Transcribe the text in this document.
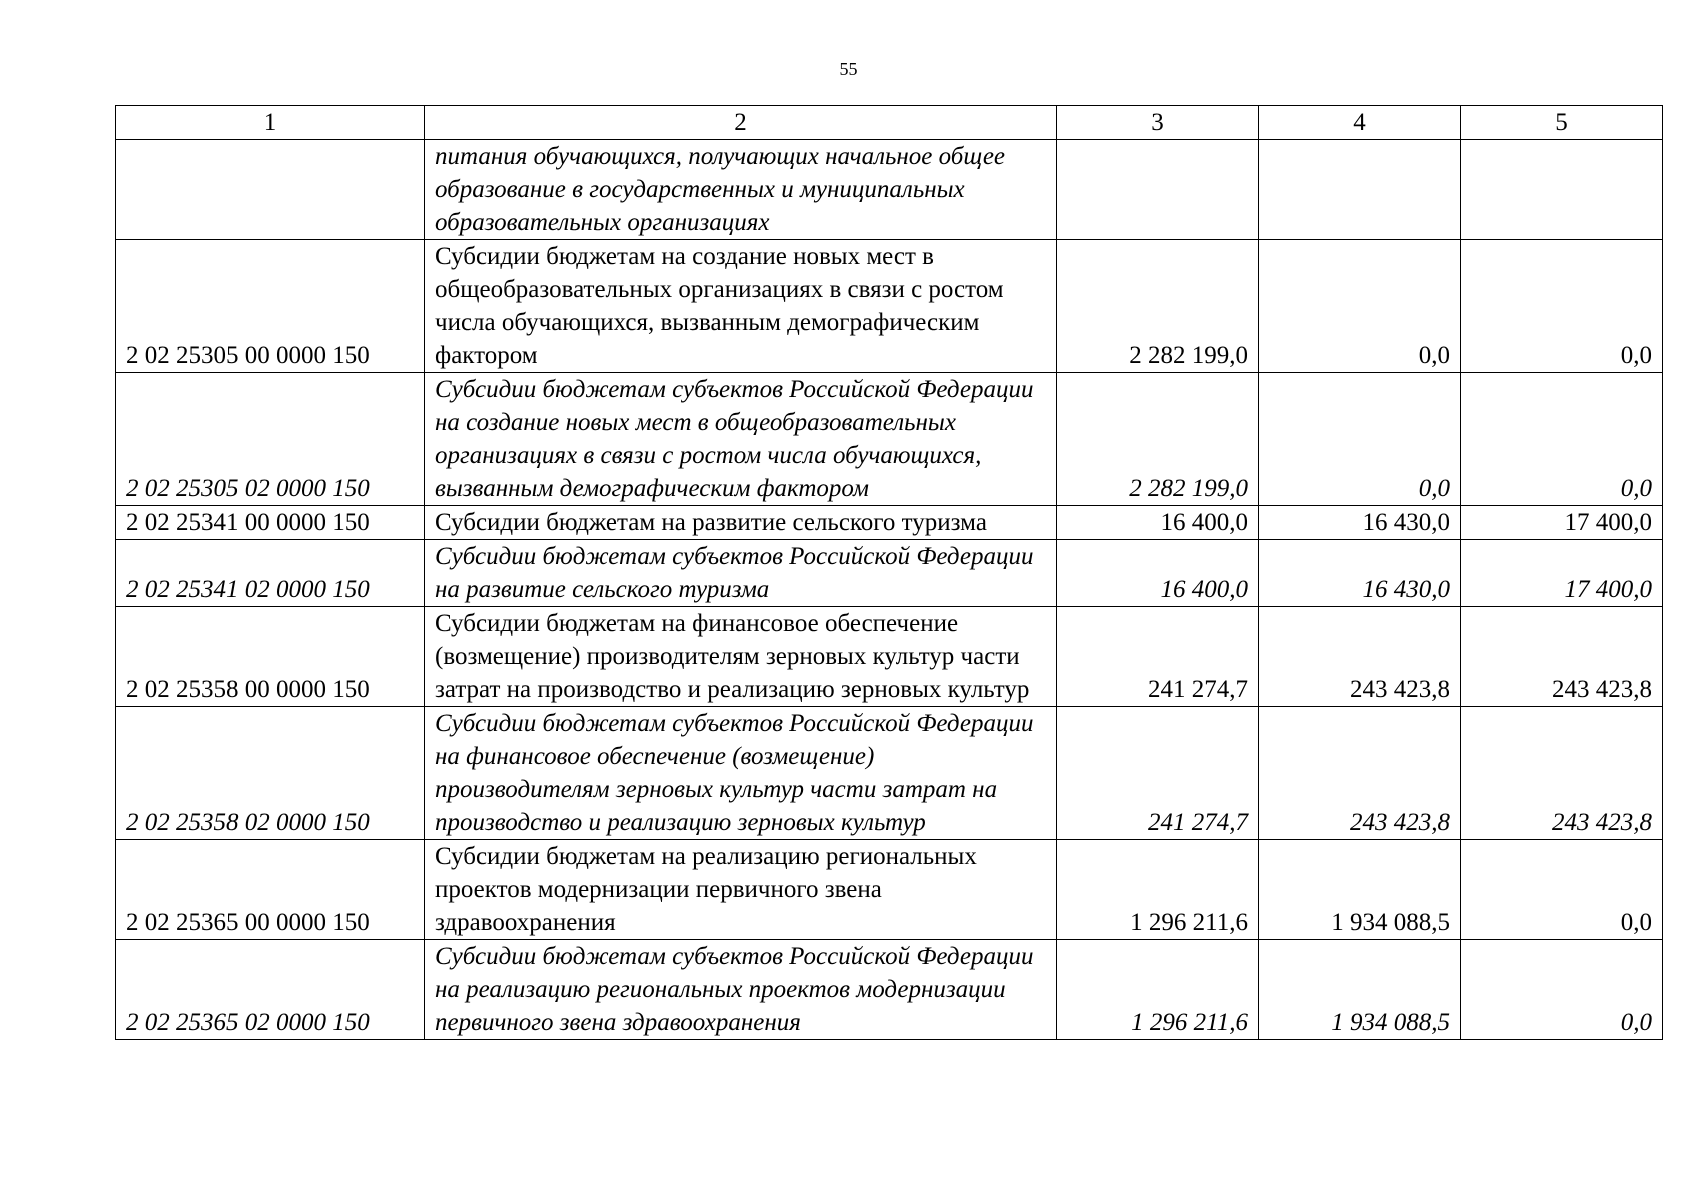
55
1	2	3	4	5
	питания обучающихся, получающих начальное общее образование в государственных и муниципальных образовательных организациях			
2 02 25305 00 0000 150	Субсидии бюджетам на создание новых мест в общеобразовательных организациях в связи с ростом числа обучающихся, вызванным демографическим фактором	2 282 199,0	0,0	0,0
2 02 25305 02 0000 150	Субсидии бюджетам субъектов Российской Федерации на создание новых мест в общеобразовательных организациях в связи с ростом числа обучающихся, вызванным демографическим фактором	2 282 199,0	0,0	0,0
2 02 25341 00 0000 150	Субсидии бюджетам на развитие сельского туризма	16 400,0	16 430,0	17 400,0
2 02 25341 02 0000 150	Субсидии бюджетам субъектов Российской Федерации на развитие сельского туризма	16 400,0	16 430,0	17 400,0
2 02 25358 00 0000 150	Субсидии бюджетам на финансовое обеспечение (возмещение) производителям зерновых культур части затрат на производство и реализацию зерновых культур	241 274,7	243 423,8	243 423,8
2 02 25358 02 0000 150	Субсидии бюджетам субъектов Российской Федерации на финансовое обеспечение (возмещение) производителям зерновых культур части затрат на производство и реализацию зерновых культур	241 274,7	243 423,8	243 423,8
2 02 25365 00 0000 150	Субсидии бюджетам на реализацию региональных проектов модернизации первичного звена здравоохранения	1 296 211,6	1 934 088,5	0,0
2 02 25365 02 0000 150	Субсидии бюджетам субъектов Российской Федерации на реализацию региональных проектов модернизации первичного звена здравоохранения	1 296 211,6	1 934 088,5	0,0
